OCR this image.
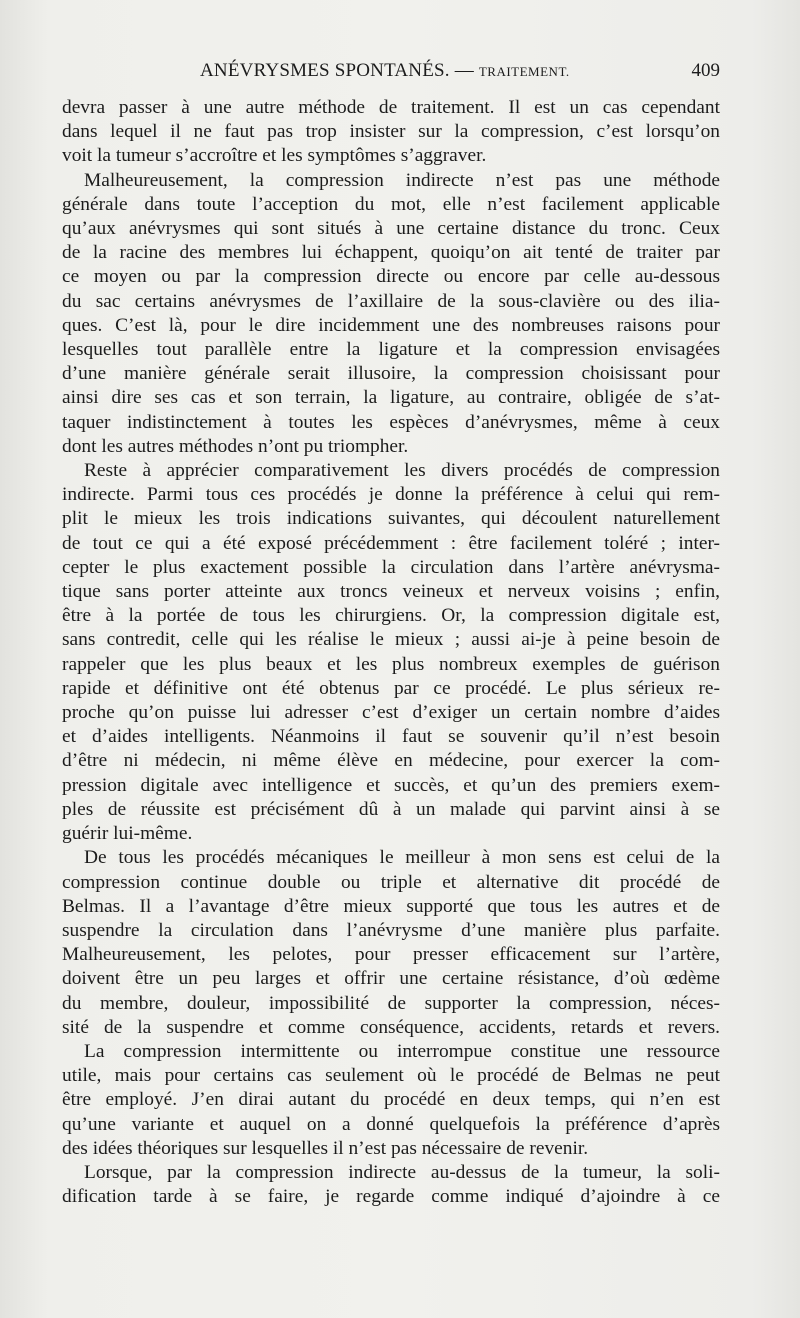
ANÉVRYSMES SPONTANÉS. — TRAITEMENT.	409

devra passer à une autre méthode de traitement. Il est un cas cependant
dans lequel il ne faut pas trop insister sur la compression, c’est lorsqu’on
voit la tumeur s’accroître et les symptômes s’aggraver.

Malheureusement, la compression indirecte n’est pas une méthode
générale dans toute l’acception du mot, elle n’est facilement applicable
qu’aux anévrysmes qui sont situés à une certaine distance du tronc. Ceux
de la racine des membres lui échappent, quoiqu’on ait tenté de traiter par
ce moyen ou par la compression directe ou encore par celle au-dessous
du sac certains anévrysmes de l’axillaire de la sous-clavière ou des ilia-
ques. C’est là, pour le dire incidemment une des nombreuses raisons pour
lesquelles tout parallèle entre la ligature et la compression envisagées
d’une manière générale serait illusoire, la compression choisissant pour
ainsi dire ses cas et son terrain, la ligature, au contraire, obligée de s’at-
taquer indistinctement à toutes les espèces d’anévrysmes, même à ceux
dont les autres méthodes n’ont pu triompher.

Reste à apprécier comparativement les divers procédés de compression
indirecte. Parmi tous ces procédés je donne la préférence à celui qui rem-
plit le mieux les trois indications suivantes, qui découlent naturellement
de tout ce qui a été exposé précédemment : être facilement toléré ; inter-
cepter le plus exactement possible la circulation dans l’artère anévrysma-
tique sans porter atteinte aux troncs veineux et nerveux voisins ; enfin,
être à la portée de tous les chirurgiens. Or, la compression digitale est,
sans contredit, celle qui les réalise le mieux ; aussi ai-je à peine besoin de
rappeler que les plus beaux et les plus nombreux exemples de guérison
rapide et définitive ont été obtenus par ce procédé. Le plus sérieux re-
proche qu’on puisse lui adresser c’est d’exiger un certain nombre d’aides
et d’aides intelligents. Néanmoins il faut se souvenir qu’il n’est besoin
d’être ni médecin, ni même élève en médecine, pour exercer la com-
pression digitale avec intelligence et succès, et qu’un des premiers exem-
ples de réussite est précisément dû à un malade qui parvint ainsi à se
guérir lui-même.

De tous les procédés mécaniques le meilleur à mon sens est celui de la
compression continue double ou triple et alternative dit procédé de
Belmas. Il a l’avantage d’être mieux supporté que tous les autres et de
suspendre la circulation dans l’anévrysme d’une manière plus parfaite.
Malheureusement, les pelotes, pour presser efficacement sur l’artère,
doivent être un peu larges et offrir une certaine résistance, d’où œdème
du membre, douleur, impossibilité de supporter la compression, néces-
sité de la suspendre et comme conséquence, accidents, retards et revers.

La compression intermittente ou interrompue constitue une ressource
utile, mais pour certains cas seulement où le procédé de Belmas ne peut
être employé. J’en dirai autant du procédé en deux temps, qui n’en est
qu’une variante et auquel on a donné quelquefois la préférence d’après
des idées théoriques sur lesquelles il n’est pas nécessaire de revenir.

Lorsque, par la compression indirecte au-dessus de la tumeur, la soli-
dification tarde à se faire, je regarde comme indiqué d’ajoindre à ce
